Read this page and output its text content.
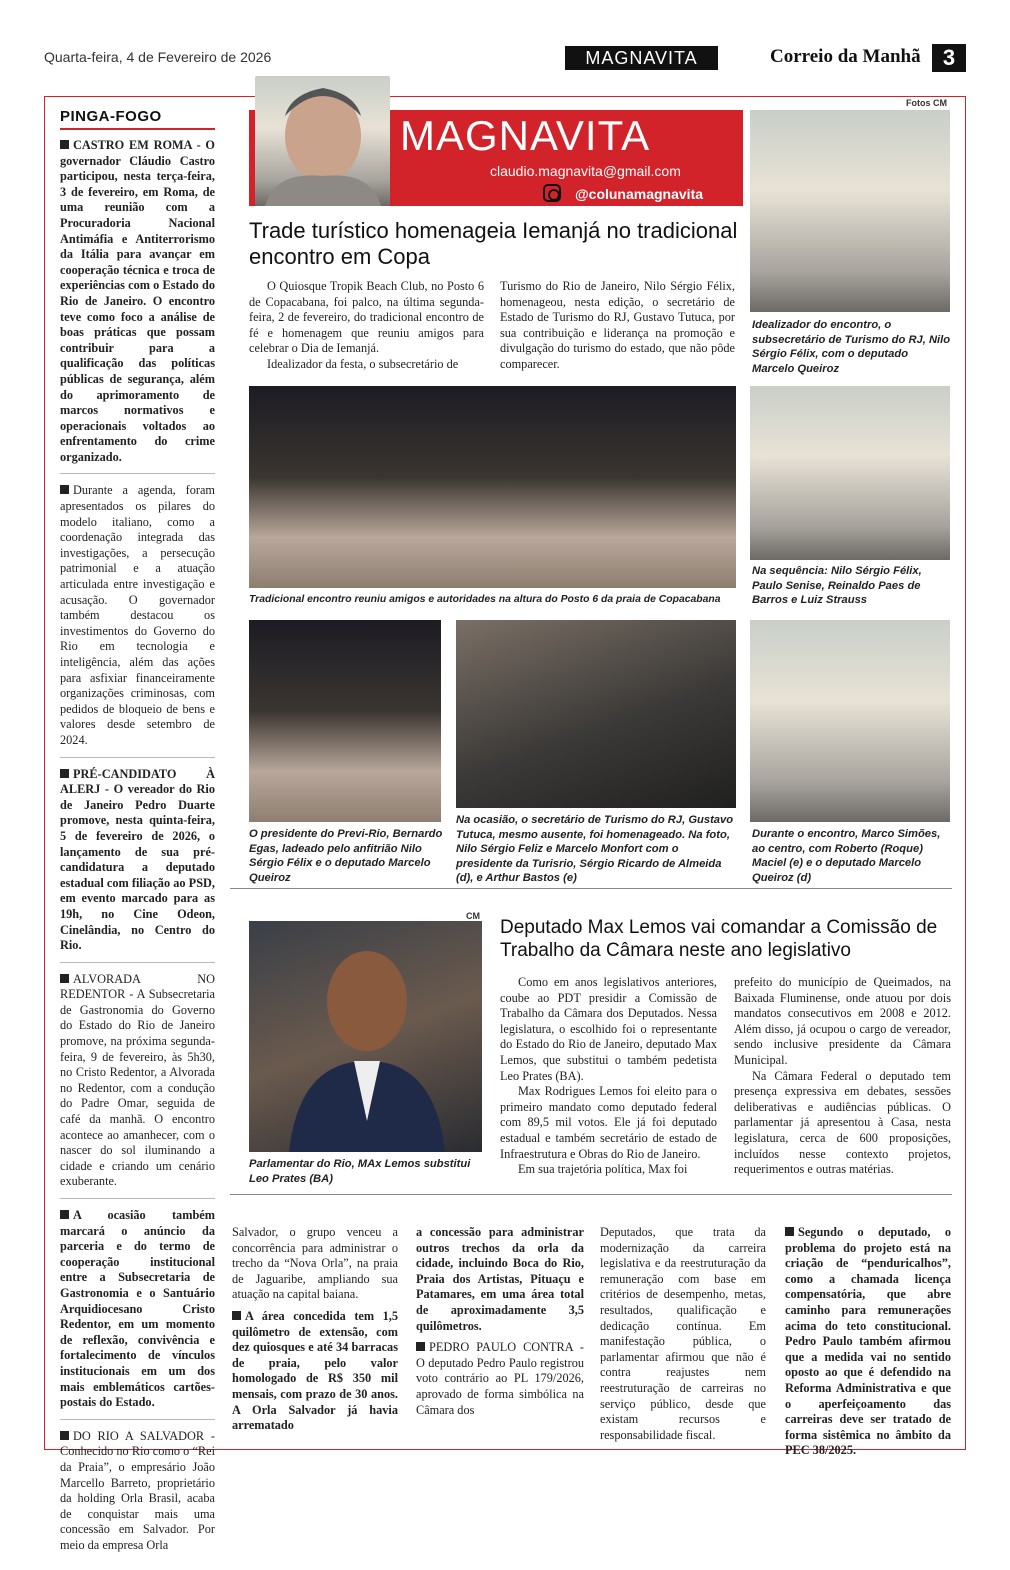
Quarta-feira, 4 de Fevereiro de 2026	MAGNAVITA	Correio da Manhã	3
PINGA-FOGO
CASTRO EM ROMA - O governador Cláudio Castro participou, nesta terça-feira, 3 de fevereiro, em Roma, de uma reunião com a Procuradoria Nacional Antimáfia e Antiterrorismo da Itália para avançar em cooperação técnica e troca de experiências com o Estado do Rio de Janeiro. O encontro teve como foco a análise de boas práticas que possam contribuir para a qualificação das políticas públicas de segurança, além do aprimoramento de marcos normativos e operacionais voltados ao enfrentamento do crime organizado.
Durante a agenda, foram apresentados os pilares do modelo italiano, como a coordenação integrada das investigações, a persecução patrimonial e a atuação articulada entre investigação e acusação. O governador também destacou os investimentos do Governo do Rio em tecnologia e inteligência, além das ações para asfixiar financeiramente organizações criminosas, com pedidos de bloqueio de bens e valores desde setembro de 2024.
PRÉ-CANDIDATO À ALERJ - O vereador do Rio de Janeiro Pedro Duarte promove, nesta quinta-feira, 5 de fevereiro de 2026, o lançamento de sua pré-candidatura a deputado estadual com filiação ao PSD, em evento marcado para as 19h, no Cine Odeon, Cinelândia, no Centro do Rio.
ALVORADA NO REDENTOR - A Subsecretaria de Gastronomia do Governo do Estado do Rio de Janeiro promove, na próxima segunda-feira, 9 de fevereiro, às 5h30, no Cristo Redentor, a Alvorada no Redentor, com a condução do Padre Omar, seguida de café da manhã. O encontro acontece ao amanhecer, com o nascer do sol iluminando a cidade e criando um cenário exuberante.
A ocasião também marcará o anúncio da parceria e do termo de cooperação institucional entre a Subsecretaria de Gastronomia e o Santuário Arquidiocesano Cristo Redentor, em um momento de reflexão, convivência e fortalecimento de vínculos institucionais em um dos mais emblemáticos cartões-postais do Estado.
DO RIO A SALVADOR - Conhecido no Rio como o “Rei da Praia”, o empresário João Marcello Barreto, proprietário da holding Orla Brasil, acaba de conquistar mais uma concessão em Salvador. Por meio da empresa Orla
MAGNAVITA
claudio.magnavita@gmail.com
@colunamagnavita
Fotos CM
Trade turístico homenageia Iemanjá no tradicional encontro em Copa

O Quiosque Tropik Beach Club, no Posto 6 de Copacabana, foi palco, na última segunda-feira, 2 de fevereiro, do tradicional encontro de fé e homenagem que reuniu amigos para celebrar o Dia de Iemanjá.

Idealizador da festa, o subsecretário de

Turismo do Rio de Janeiro, Nilo Sérgio Félix, homenageou, nesta edição, o secretário de Estado de Turismo do RJ, Gustavo Tutuca, por sua contribuição e liderança na promoção e divulgação do turismo do estado, que não pôde comparecer.
Idealizador do encontro, o subsecretário de Turismo do RJ, Nilo Sérgio Félix, com o deputado Marcelo Queiroz
Tradicional encontro reuniu amigos e autoridades na altura do Posto 6 da praia de Copacabana
Na sequência: Nilo Sérgio Félix, Paulo Senise, Reinaldo Paes de Barros e Luiz Strauss
O presidente do Previ-Rio, Bernardo Egas, ladeado pelo anfitrião Nilo Sérgio Félix e o deputado Marcelo Queiroz
Na ocasião, o secretário de Turismo do RJ, Gustavo Tutuca, mesmo ausente, foi homenageado. Na foto, Nilo Sérgio Feliz e Marcelo Monfort com o presidente da Turisrio, Sérgio Ricardo de Almeida (d), e Arthur Bastos (e)
Durante o encontro, Marco Simões, ao centro, com Roberto (Roque) Maciel (e) e o deputado Marcelo Queiroz (d)
CM
Parlamentar do Rio, MAx Lemos substitui Leo Prates (BA)
Deputado Max Lemos vai comandar a Comissão de Trabalho da Câmara neste ano legislativo

Como em anos legislativos anteriores, coube ao PDT presidir a Comissão de Trabalho da Câmara dos Deputados. Nessa legislatura, o escolhido foi o representante do Estado do Rio de Janeiro, deputado Max Lemos, que substitui o também pedetista Leo Prates (BA).

Max Rodrigues Lemos foi eleito para o primeiro mandato como deputado federal com 89,5 mil votos. Ele já foi deputado estadual e também secretário de estado de Infraestrutura e Obras do Rio de Janeiro.

Em sua trajetória política, Max foi

prefeito do município de Queimados, na Baixada Fluminense, onde atuou por dois mandatos consecutivos em 2008 e 2012. Além disso, já ocupou o cargo de vereador, sendo inclusive presidente da Câmara Municipal.

Na Câmara Federal o deputado tem presença expressiva em debates, sessões deliberativas e audiências públicas. O parlamentar já apresentou à Casa, nesta legislatura, cerca de 600 proposições, incluídos nesse contexto projetos, requerimentos e outras matérias.

Salvador, o grupo venceu a concorrência para administrar o trecho da “Nova Orla”, na praia de Jaguaribe, ampliando sua atuação na capital baiana.
A área concedida tem 1,5 quilômetro de extensão, com dez quiosques e até 34 barracas de praia, pelo valor homologado de R$ 350 mil mensais, com prazo de 30 anos. A Orla Salvador já havia arrematado
a concessão para administrar outros trechos da orla da cidade, incluindo Boca do Rio, Praia dos Artistas, Pituaçu e Patamares, em uma área total de aproximadamente 3,5 quilômetros.
PEDRO PAULO CONTRA - O deputado Pedro Paulo registrou voto contrário ao PL 179/2026, aprovado de forma simbólica na Câmara dos
Deputados, que trata da modernização da carreira legislativa e da reestruturação da remuneração com base em critérios de desempenho, metas, resultados, qualificação e dedicação contínua. Em manifestação pública, o parlamentar afirmou que não é contra reajustes nem reestruturação de carreiras no serviço público, desde que existam recursos e responsabilidade fiscal.
Segundo o deputado, o problema do projeto está na criação de “penduricalhos”, como a chamada licença compensatória, que abre caminho para remunerações acima do teto constitucional. Pedro Paulo também afirmou que a medida vai no sentido oposto ao que é defendido na Reforma Administrativa e que o aperfeiçoamento das carreiras deve ser tratado de forma sistêmica no âmbito da PEC 38/2025.
